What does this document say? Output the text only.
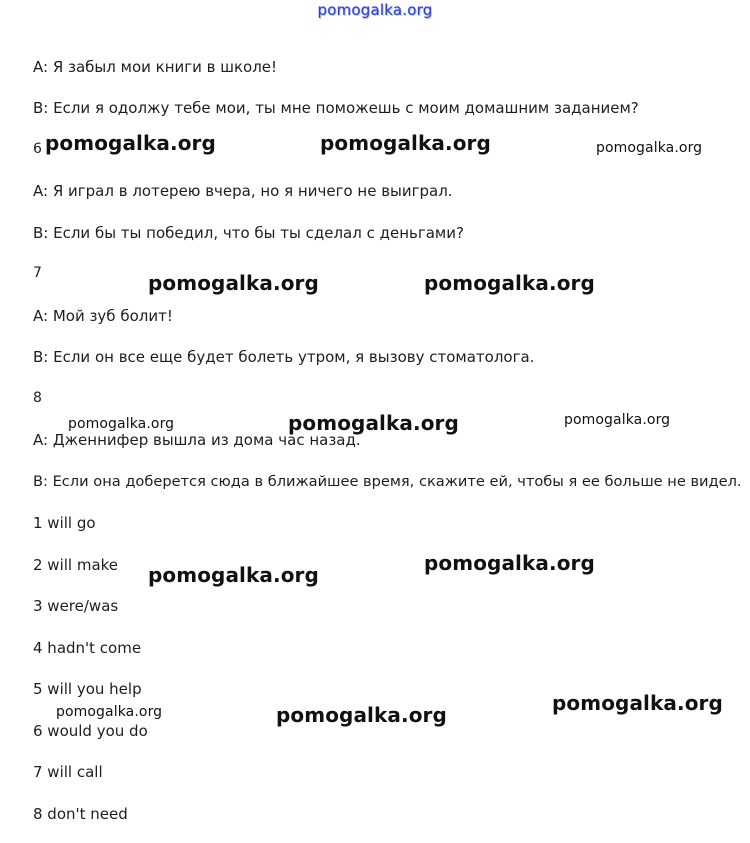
pomogalka.org
A: Я забыл мои книги в школе!
B: Если я одолжу тебе мои, ты мне поможешь с моим домашним заданием?
6
A: Я играл в лотерею вчера, но я ничего не выиграл.
B: Если бы ты победил, что бы ты сделал с деньгами?
7
A: Мой зуб болит!
B: Если он все еще будет болеть утром, я вызову стоматолога.
8
A: Дженнифер вышла из дома час назад.
B: Если она доберется сюда в ближайшее время, скажите ей, чтобы я ее больше не видел.
1 will go
2 will make
3 were/was
4 hadn't come
5 will you help
6 would you do
7 will call
8 don't need
pomogalka.org	pomogalka.org	pomogalka.org
pomogalka.org	pomogalka.org
pomogalka.org	pomogalka.org	pomogalka.org
pomogalka.org	pomogalka.org
pomogalka.org	pomogalka.org	pomogalka.org
